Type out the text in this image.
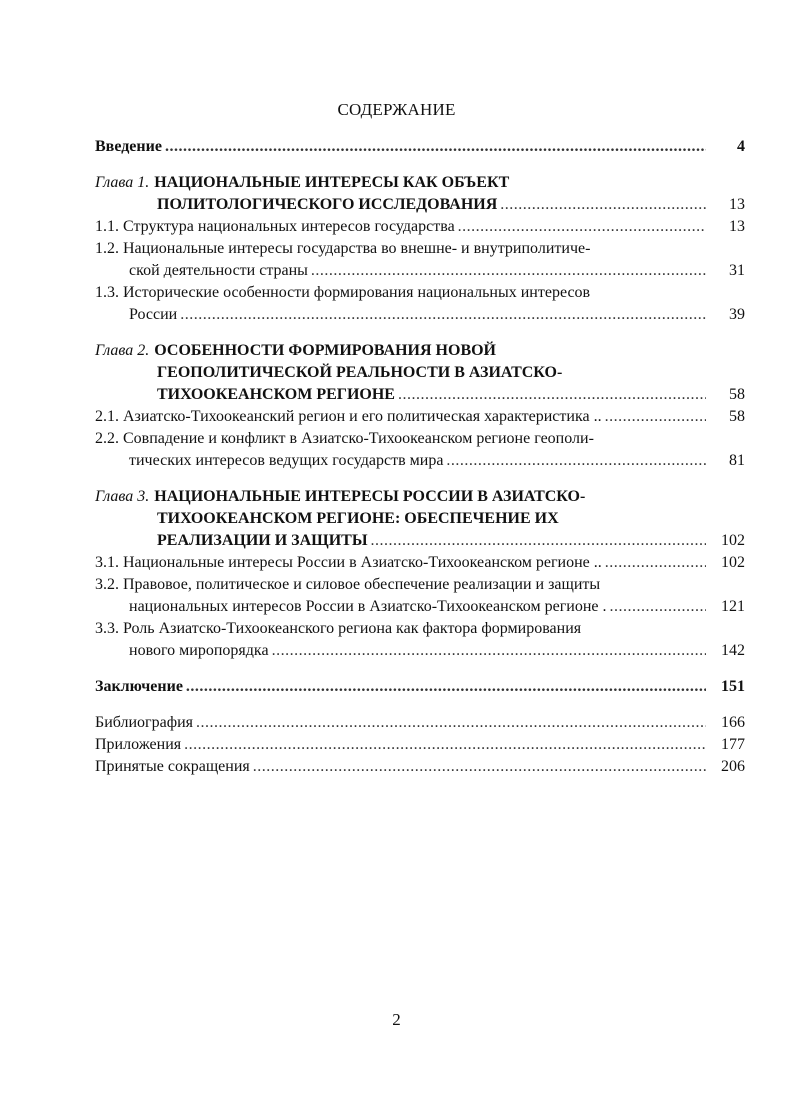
СОДЕРЖАНИЕ
Введение .....	4
Глава 1. НАЦИОНАЛЬНЫЕ ИНТЕРЕСЫ КАК ОБЪЕКТ
ПОЛИТОЛОГИЧЕСКОГО ИССЛЕДОВАНИЯ .....	13
1.1. Структура национальных интересов государства .....	13
1.2. Национальные интересы государства во внешне- и внутриполитиче-
ской деятельности страны .....	31
1.3. Исторические особенности формирования национальных интересов
России .....	39
Глава 2. ОСОБЕННОСТИ ФОРМИРОВАНИЯ НОВОЙ
ГЕОПОЛИТИЧЕСКОЙ РЕАЛЬНОСТИ В АЗИАТСКО-
ТИХООКЕАНСКОМ РЕГИОНЕ .....	58
2.1. Азиатско-Тихоокеанский регион и его политическая характеристика .. .....	58
2.2. Совпадение и конфликт в Азиатско-Тихоокеанском регионе геополи-
тических интересов ведущих государств мира .....	81
Глава 3. НАЦИОНАЛЬНЫЕ ИНТЕРЕСЫ РОССИИ В АЗИАТСКО-
ТИХООКЕАНСКОМ РЕГИОНЕ: ОБЕСПЕЧЕНИЕ ИХ
РЕАЛИЗАЦИИ И ЗАЩИТЫ .....	102
3.1. Национальные интересы России в Азиатско-Тихоокеанском регионе .. .....	102
3.2. Правовое, политическое и силовое обеспечение реализации и защиты
национальных интересов России в Азиатско-Тихоокеанском регионе . .....	121
3.3. Роль Азиатско-Тихоокеанского региона как фактора формирования
нового миропорядка .....	142
Заключение .....	151
Библиография .....	166
Приложения .....	177
Принятые сокращения .....	206
2
